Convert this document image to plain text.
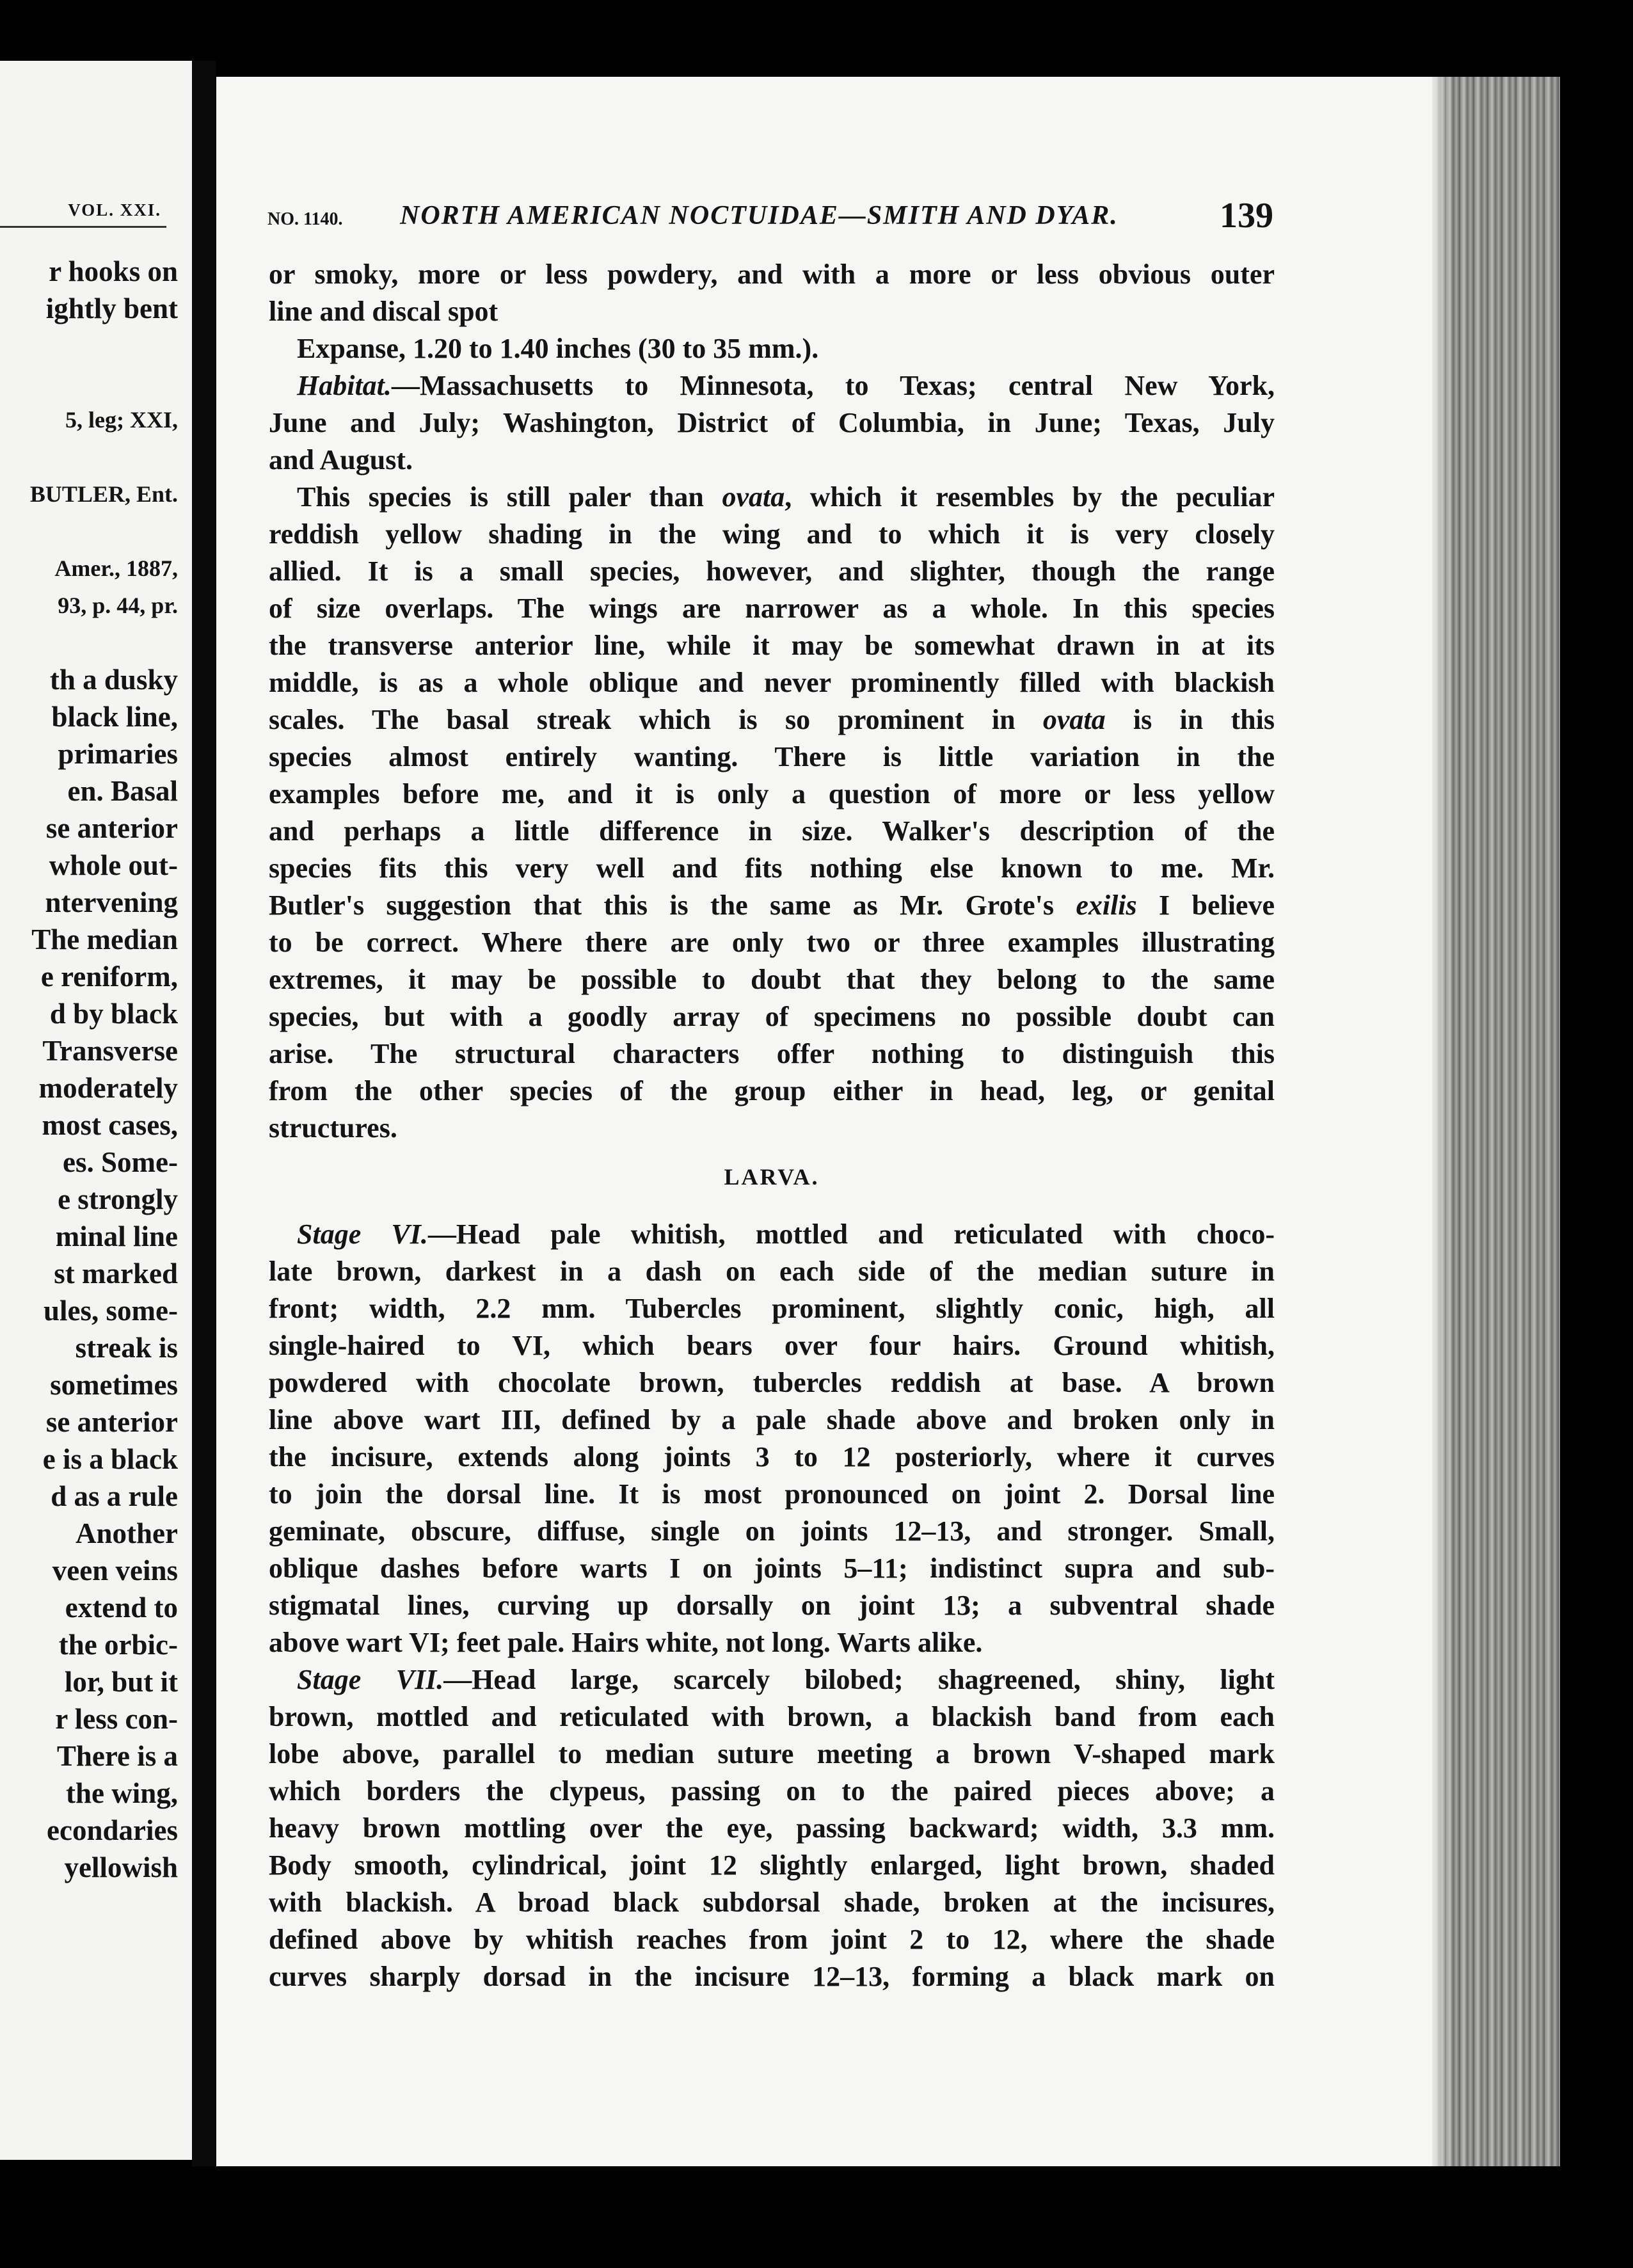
VOL. XXI.
r hooks on
ightly bent
5, leg; XXI,
BUTLER, Ent.
Amer., 1887,
93, p. 44, pr.
th a dusky
black line,
primaries
en. Basal
se anterior
whole out-
ntervening
The median
e reniform,
d by black
Transverse
moderately
most cases,
es. Some-
e strongly
minal line
st marked
ules, some-
streak is
sometimes
se anterior
e is a black
d as a rule
Another
veen veins
extend to
the orbic-
lor, but it
r less con-
There is a
the wing,
econdaries
yellowish
NO. 1140. NORTH AMERICAN NOCTUIDAE—SMITH AND DYAR.	139
or smoky, more or less powdery, and with a more or less obvious outer
line and discal spot
Expanse, 1.20 to 1.40 inches (30 to 35 mm.).
Habitat.—Massachusetts to Minnesota, to Texas; central New York,
June and July; Washington, District of Columbia, in June; Texas, July
and August.
This species is still paler than ovata, which it resembles by the peculiar
reddish yellow shading in the wing and to which it is very closely
allied. It is a small species, however, and slighter, though the range
of size overlaps. The wings are narrower as a whole. In this species
the transverse anterior line, while it may be somewhat drawn in at its
middle, is as a whole oblique and never prominently filled with blackish
scales. The basal streak which is so prominent in ovata is in this
species almost entirely wanting. There is little variation in the
examples before me, and it is only a question of more or less yellow
and perhaps a little difference in size. Walker's description of the
species fits this very well and fits nothing else known to me. Mr.
Butler's suggestion that this is the same as Mr. Grote's exilis I believe
to be correct. Where there are only two or three examples illustrating
extremes, it may be possible to doubt that they belong to the same
species, but with a goodly array of specimens no possible doubt can
arise. The structural characters offer nothing to distinguish this
from the other species of the group either in head, leg, or genital
structures.
LARVA.
Stage VI.—Head pale whitish, mottled and reticulated with choco-
late brown, darkest in a dash on each side of the median suture in
front; width, 2.2 mm. Tubercles prominent, slightly conic, high, all
single-haired to VI, which bears over four hairs. Ground whitish,
powdered with chocolate brown, tubercles reddish at base. A brown
line above wart III, defined by a pale shade above and broken only in
the incisure, extends along joints 3 to 12 posteriorly, where it curves
to join the dorsal line. It is most pronounced on joint 2. Dorsal line
geminate, obscure, diffuse, single on joints 12–13, and stronger. Small,
oblique dashes before warts I on joints 5–11; indistinct supra and sub-
stigmatal lines, curving up dorsally on joint 13; a subventral shade
above wart VI; feet pale. Hairs white, not long. Warts alike.
Stage VII.—Head large, scarcely bilobed; shagreened, shiny, light
brown, mottled and reticulated with brown, a blackish band from each
lobe above, parallel to median suture meeting a brown V-shaped mark
which borders the clypeus, passing on to the paired pieces above; a
heavy brown mottling over the eye, passing backward; width, 3.3 mm.
Body smooth, cylindrical, joint 12 slightly enlarged, light brown, shaded
with blackish. A broad black subdorsal shade, broken at the incisures,
defined above by whitish reaches from joint 2 to 12, where the shade
curves sharply dorsad in the incisure 12–13, forming a black mark on
